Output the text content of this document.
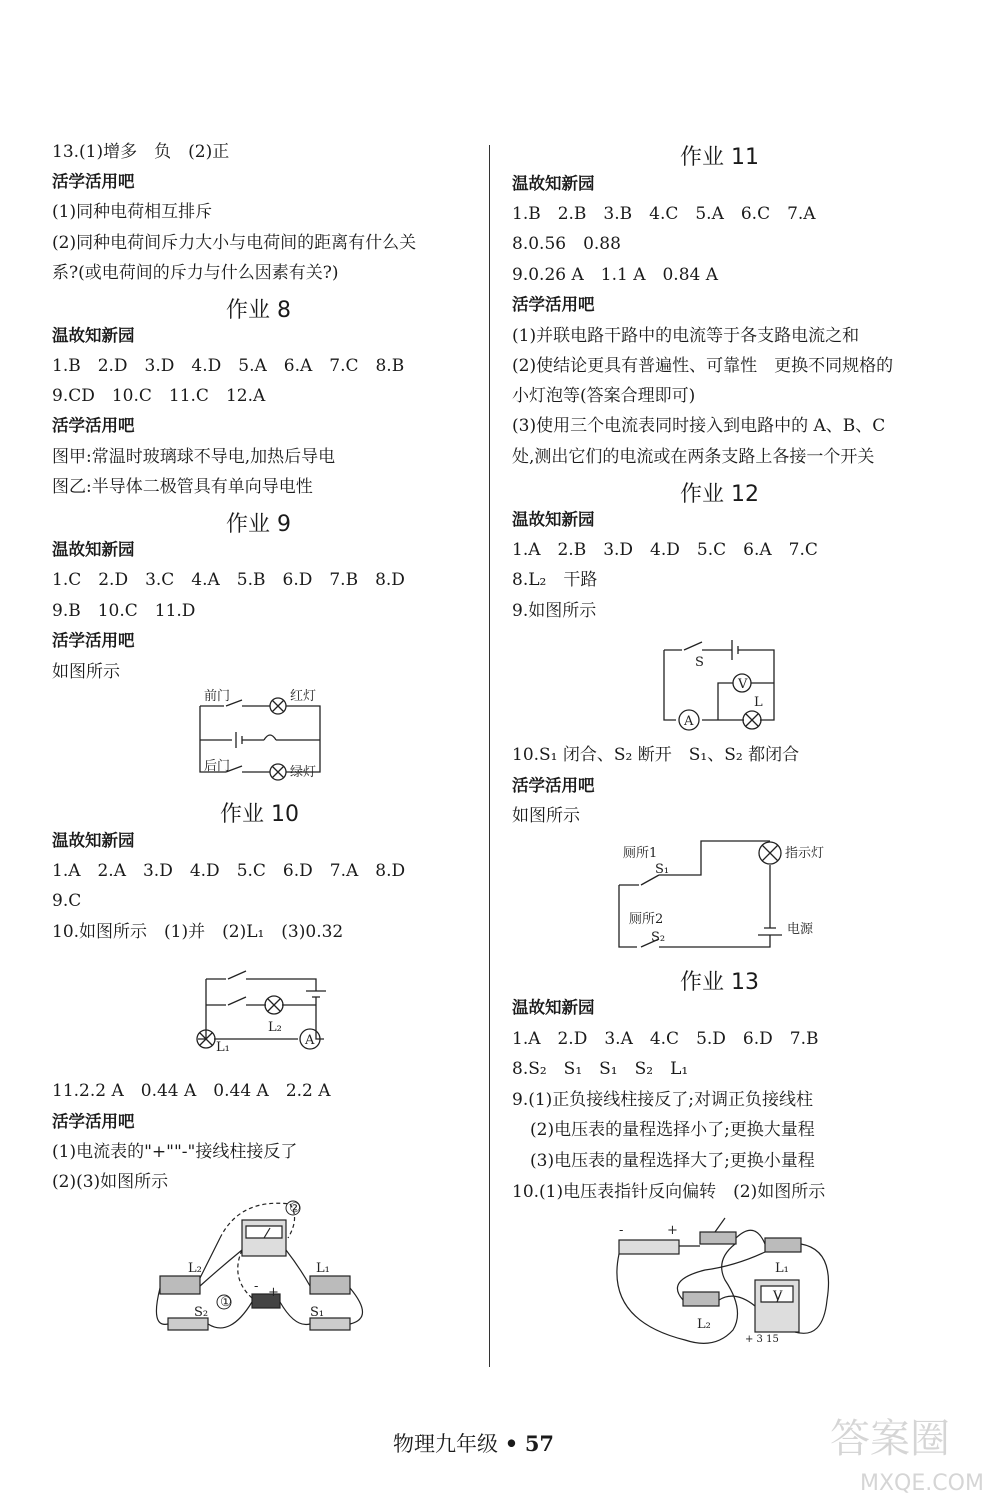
13.(1)增多　负　(2)正
活学活用吧
(1)同种电荷相互排斥
(2)同种电荷间斥力大小与电荷间的距离有什么关
系?(或电荷间的斥力与什么因素有关?)
作业 8
温故知新园
1.B　2.D　3.D　4.D　5.A　6.A　7.C　8.B
9.CD　10.C　11.C　12.A
活学活用吧
图甲:常温时玻璃球不导电,加热后导电
图乙:半导体二极管具有单向导电性
作业 9
温故知新园
1.C　2.D　3.C　4.A　5.B　6.D　7.B　8.D
9.B　10.C　11.D
活学活用吧
如图所示
前门	红灯
后门	绿灯
作业 10
温故知新园
1.A　2.A　3.D　4.D　5.C　6.D　7.A　8.D
9.C
10.如图所示　(1)并　(2)L₁　(3)0.32
L₁
L₂
A
11.2.2 A　0.44 A　0.44 A　2.2 A
活学活用吧
(1)电流表的"+""-"接线柱接反了
(2)(3)如图所示
②
①
L₂	L₁
S₂	S₁
- +
作业 11
温故知新园
1.B　2.B　3.B　4.C　5.A　6.C　7.A
8.0.56　0.88
9.0.26 A　1.1 A　0.84 A
活学活用吧
(1)并联电路干路中的电流等于各支路电流之和
(2)使结论更具有普遍性、可靠性　更换不同规格的
小灯泡等(答案合理即可)
(3)使用三个电流表同时接入到电路中的 A、B、C
处,测出它们的电流或在两条支路上各接一个开关
作业 12
温故知新园
1.A　2.B　3.D　4.D　5.C　6.A　7.C
8.L₂　干路
9.如图所示
S
V
L
A
10.S₁ 闭合、S₂ 断开　S₁、S₂ 都闭合
活学活用吧
如图所示
厕所1
S₁
厕所2
S₂
指示灯
电源
作业 13
温故知新园
1.A　2.D　3.A　4.C　5.D　6.D　7.B
8.S₂　S₁　S₁　S₂　L₁
9.(1)正负接线柱接反了;对调正负接线柱
(2)电压表的量程选择小了;更换大量程
(3)电压表的量程选择大了;更换小量程
10.(1)电压表指针反向偏转　(2)如图所示
-	+
L₁
L₂
V
+ 3 15
物理九年级 • 57	答案圈
MXQE.COM
